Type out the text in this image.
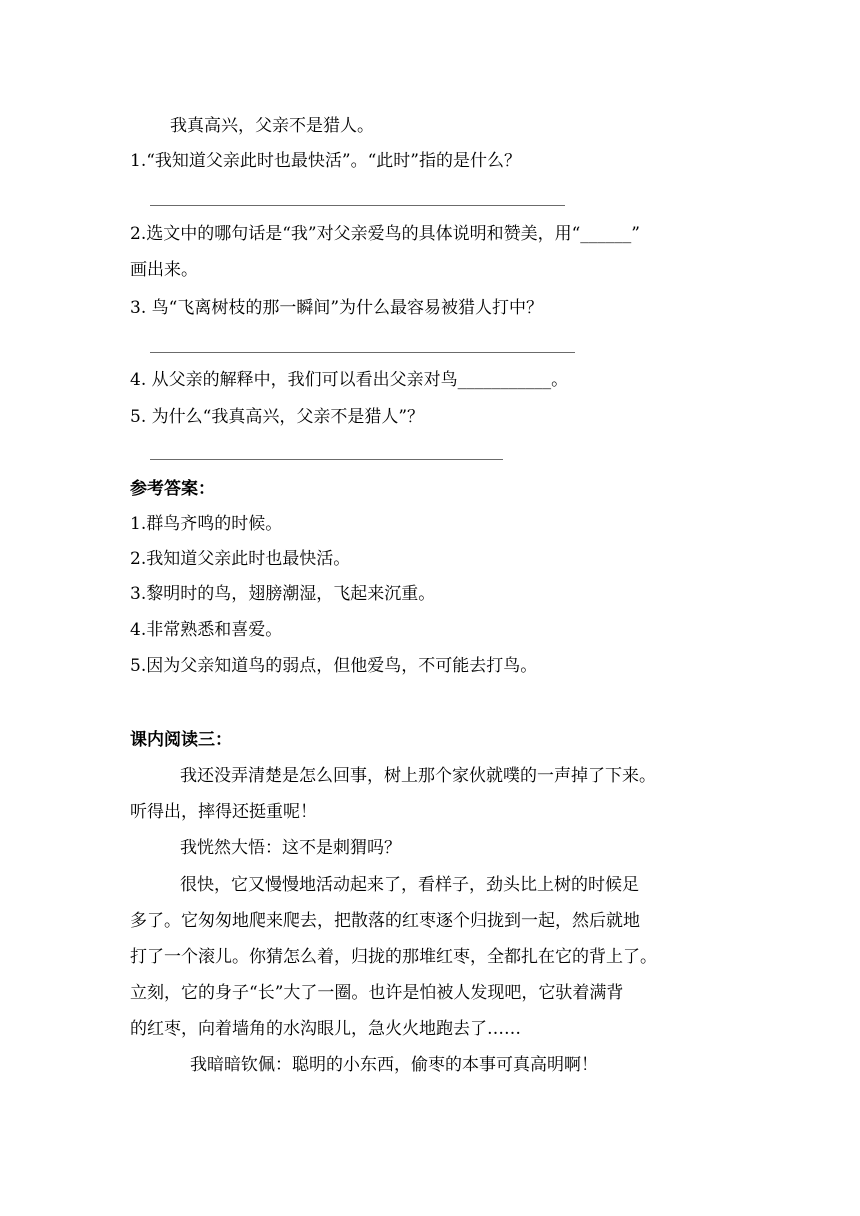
我真高兴，父亲不是猎人。
1.“我知道父亲此时也最快活”。“此时”指的是什么？
2.选文中的哪句话是“我”对父亲爱鸟的具体说明和赞美，用“______”
画出来。
3. 鸟“飞离树枝的那一瞬间”为什么最容易被猎人打中？
4. 从父亲的解释中，我们可以看出父亲对鸟___________。
5. 为什么“我真高兴，父亲不是猎人”？
参考答案：
1.群鸟齐鸣的时候。
2.我知道父亲此时也最快活。
3.黎明时的鸟，翅膀潮湿，飞起来沉重。
4.非常熟悉和喜爱。
5.因为父亲知道鸟的弱点，但他爱鸟，不可能去打鸟。
课内阅读三：
我还没弄清楚是怎么回事，树上那个家伙就噗的一声掉了下来。
听得出，摔得还挺重呢！
我恍然大悟：这不是刺猬吗？
很快，它又慢慢地活动起来了，看样子，劲头比上树的时候足
多了。它匆匆地爬来爬去，把散落的红枣逐个归拢到一起，然后就地
打了一个滚儿。你猜怎么着，归拢的那堆红枣，全都扎在它的背上了。
立刻，它的身子“长”大了一圈。也许是怕被人发现吧，它驮着满背
的红枣，向着墙角的水沟眼儿，急火火地跑去了……
我暗暗钦佩：聪明的小东西，偷枣的本事可真高明啊！
